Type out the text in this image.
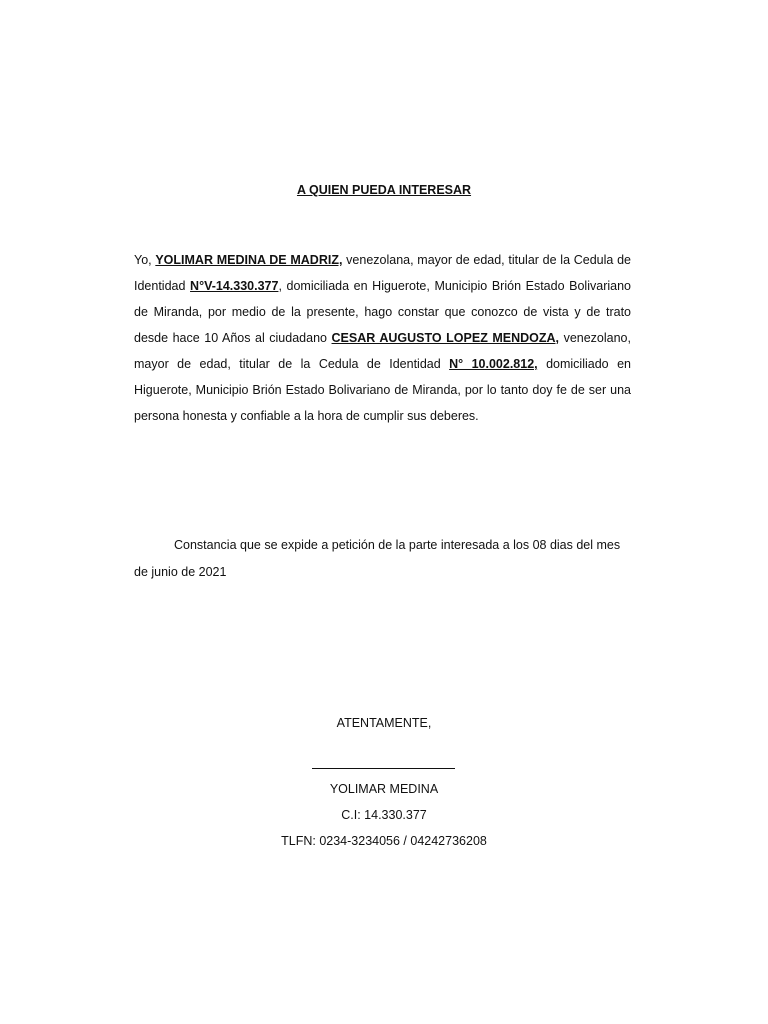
A QUIEN PUEDA INTERESAR
Yo, YOLIMAR MEDINA DE MADRIZ, venezolana, mayor de edad, titular de la Cedula de Identidad N°V-14.330.377, domiciliada en Higuerote, Municipio Brión Estado Bolivariano de Miranda, por medio de la presente, hago constar que conozco de vista y de trato desde hace 10 Años al ciudadano CESAR AUGUSTO LOPEZ MENDOZA, venezolano, mayor de edad, titular de la Cedula de Identidad N° 10.002.812, domiciliado en Higuerote, Municipio Brión Estado Bolivariano de Miranda, por lo tanto doy fe de ser una persona honesta y confiable a la hora de cumplir sus deberes.
Constancia que se expide a petición de la parte interesada a los 08 dias del mes de junio de 2021
ATENTAMENTE,
YOLIMAR MEDINA
C.I: 14.330.377
TLFN: 0234-3234056 / 04242736208
